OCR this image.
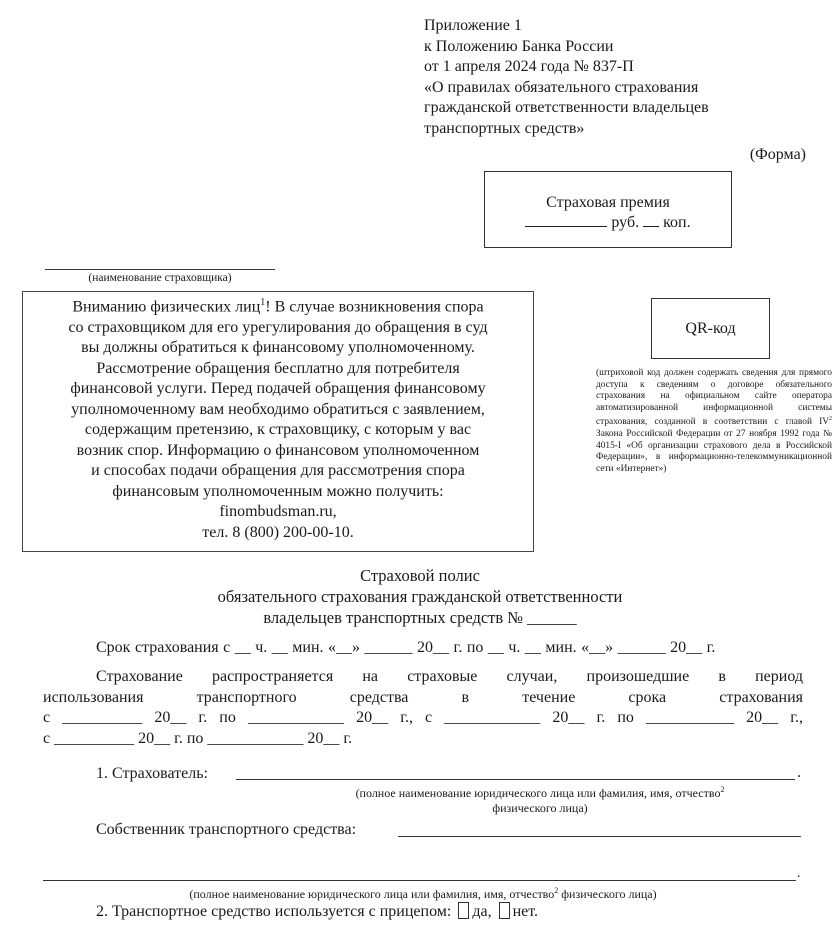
Приложение 1
к Положению Банка России
от 1 апреля 2024 года № 837-П
«О правилах обязательного страхования
гражданской ответственности владельцев
транспортных средств»
(Форма)
Страховая премия
руб. коп.
(наименование страховщика)
Вниманию физических лиц$^1$! В случае возникновения спора
со страховщиком для его урегулирования до обращения в суд
вы должны обратиться к финансовому уполномоченному.
Рассмотрение обращения бесплатно для потребителя
финансовой услуги. Перед подачей обращения финансовому
уполномоченному вам необходимо обратиться с заявлением,
содержащим претензию, к страховщику, с которым у вас
возник спор. Информацию о финансовом уполномоченном
и способах подачи обращения для рассмотрения спора
финансовым уполномоченным можно получить:
finombudsman.ru,
тел. 8 (800) 200-00-10.
QR-код
(штриховой код должен содержать сведения для прямого доступа к сведениям о договоре обязательного страхования на официальном сайте оператора автоматизированной информационной системы страхования, созданной в соответствии с главой $IV^2$ Закона Российской Федерации от 27 ноября 1992 года № 4015-I «Об организации страхового дела в Российской Федерации», в информационно-телекоммуникационной сети «Интернет»)
Страховой полис
обязательного страхования гражданской ответственности
владельцев транспортных средств № ______
Срок страхования с __ ч. __ мин. «__» ______ 20__ г. по __ ч. __ мин. «__» ______ 20__ г.
Страхование распространяется на страховые случаи, произошедшие в период
использования транспортного средства в течение срока страхования
с __________ 20__ г. по ____________ 20__ г., с ____________ 20__ г. по ___________ 20__ г.,
с __________ 20__ г. по ____________ 20__ г.
1. Страхователь:	.
(полное наименование юридического лица или фамилия, имя, отчество$^2$
физического лица)
Собственник транспортного средства:
.
(полное наименование юридического лица или фамилия, имя, отчество$^2$ физического лица)
2. Транспортное средство используется с прицепом: да, нет.
